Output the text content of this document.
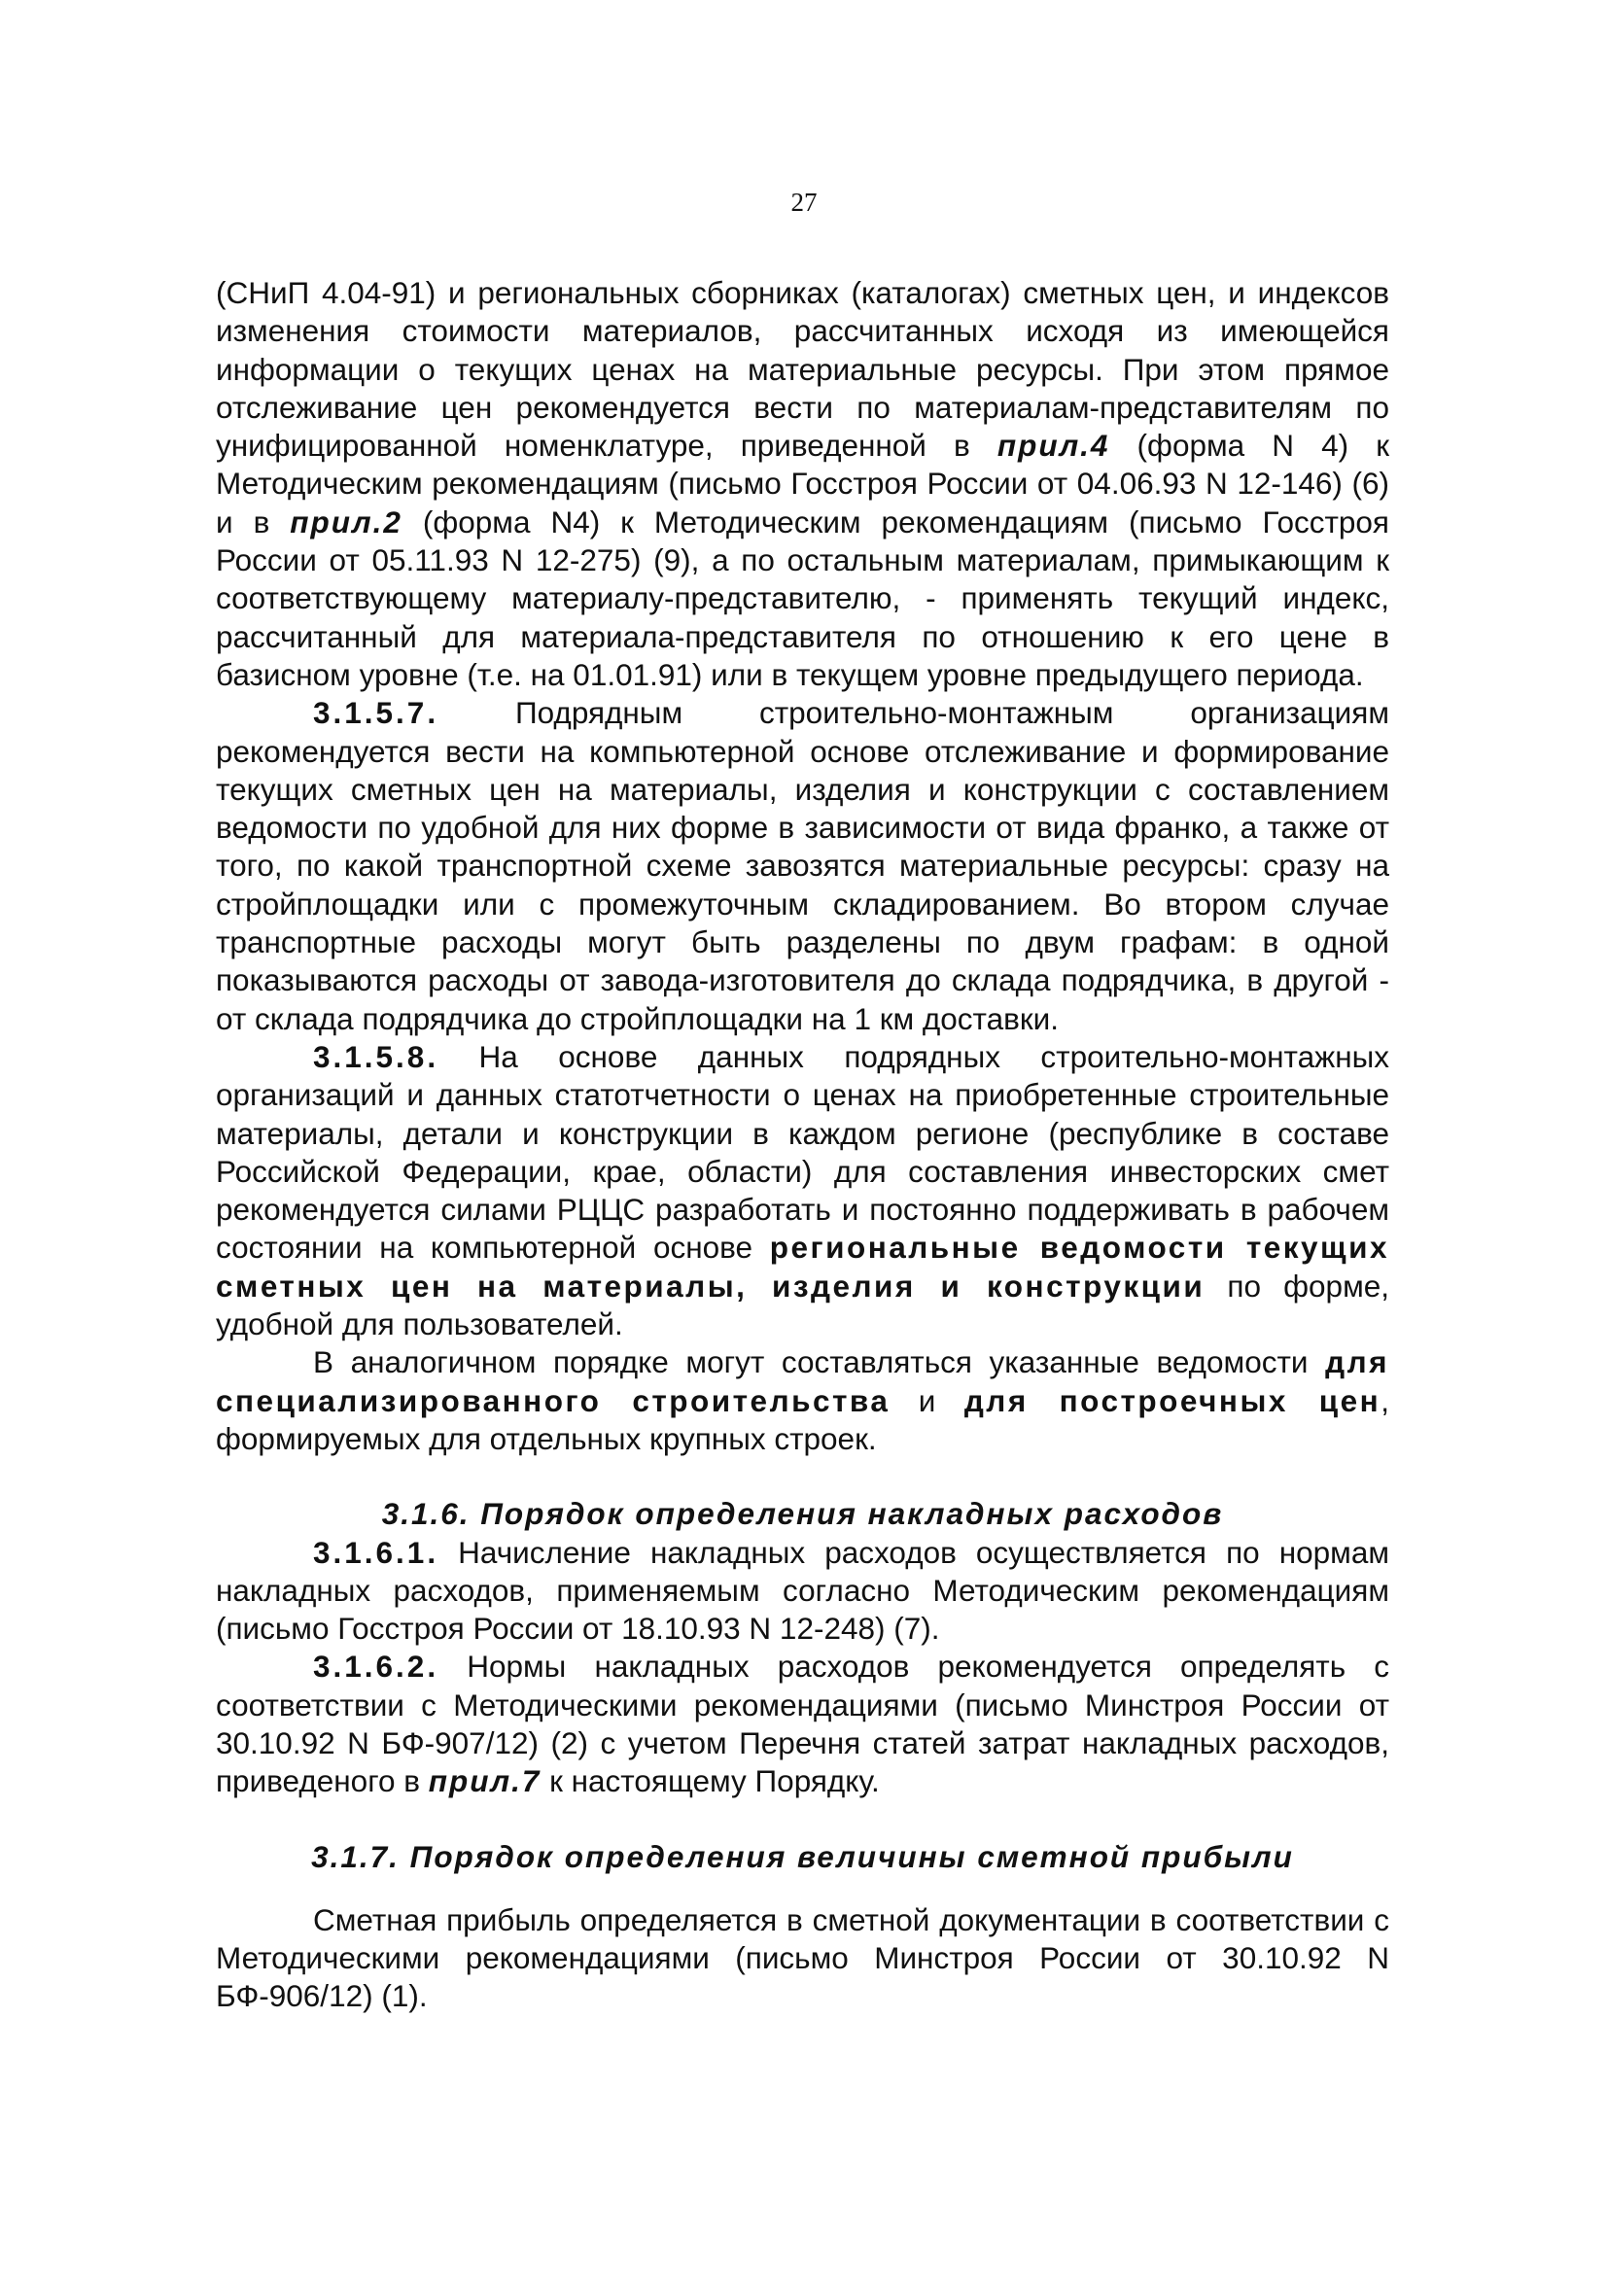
27

(СНиП 4.04-91) и региональных сборниках (каталогах) сметных цен, и индексов изменения стоимости материалов, рассчитанных исходя из имеющейся информации о текущих ценах на материальные ресурсы. При этом прямое отслеживание цен рекомендуется вести по материалам-представителям по унифицированной номенклатуре, приведенной в прил.4 (форма N 4) к Методическим рекомендациям (письмо Госстроя России от 04.06.93 N 12-146) (6) и в прил.2 (форма N4) к Методическим рекомендациям (письмо Госстроя России от 05.11.93 N 12-275) (9), а по остальным материалам, примыкающим к соответствующему материалу-представителю, - применять текущий индекс, рассчитанный для материала-представителя по отношению к его цене в базисном уровне (т.е. на 01.01.91) или в текущем уровне предыдущего периода.

3.1.5.7. Подрядным строительно-монтажным организациям рекомендуется вести на компьютерной основе отслеживание и формирование текущих сметных цен на материалы, изделия и конструкции с составлением ведомости по удобной для них форме в зависимости от вида франко, а также от того, по какой транспортной схеме завозятся материальные ресурсы: сразу на стройплощадки или с промежуточным складированием. Во втором случае транспортные расходы могут быть разделены по двум графам: в одной показываются расходы от завода-изготовителя до склада подрядчика, в другой - от склада подрядчика до стройплощадки на 1 км доставки.

3.1.5.8. На основе данных подрядных строительно-монтажных организаций и данных статотчетности о ценах на приобретенные строительные материалы, детали и конструкции в каждом регионе (республике в составе Российской Федерации, крае, области) для составления инвесторских смет рекомендуется силами РЦЦС разработать и постоянно поддерживать в рабочем состоянии на компьютерной основе региональные ведомости текущих сметных цен на материалы, изделия и конструкции по форме, удобной для пользователей.

В аналогичном порядке могут составляться указанные ведомости для специализированного строительства и для построечных цен, формируемых для отдельных крупных строек.

3.1.6. Порядок определения накладных расходов

3.1.6.1. Начисление накладных расходов осуществляется по нормам накладных расходов, применяемым согласно Методическим рекомендациям (письмо Госстроя России от 18.10.93 N 12-248) (7).

3.1.6.2. Нормы накладных расходов рекомендуется определять с соответствии с Методическими рекомендациями (письмо Минстроя России от 30.10.92 N БФ-907/12) (2) с учетом Перечня статей затрат накладных расходов, приведеного в прил.7 к настоящему Порядку.

3.1.7. Порядок определения величины сметной прибыли

Сметная прибыль определяется в сметной документации в соответствии с Методическими рекомендациями (письмо Минстроя России от 30.10.92 N БФ-906/12) (1).
